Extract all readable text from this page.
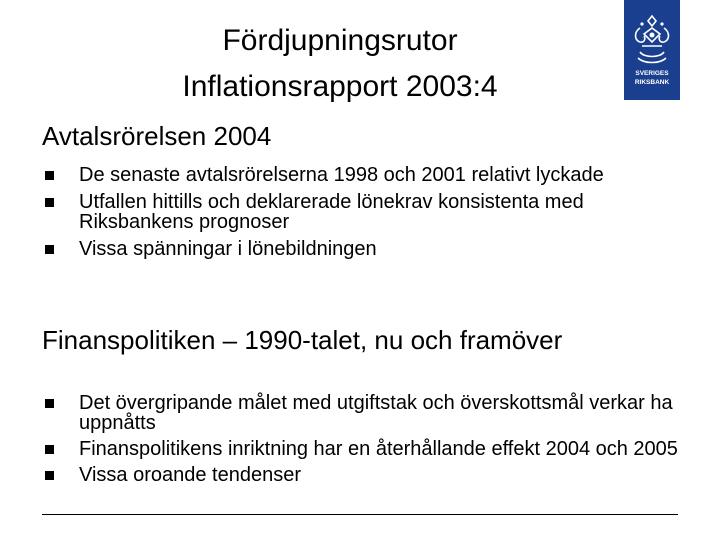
Fördjupningsrutor
Inflationsrapport 2003:4	SVERIGES
RIKSBANK
Avtalsrörelsen 2004
De senaste avtalsrörelserna 1998 och 2001 relativt lyckade
Utfallen hittills och deklarerade lönekrav konsistenta med Riksbankens prognoser
Vissa spänningar i lönebildningen
Finanspolitiken – 1990-talet, nu och framöver
Det övergripande målet med utgiftstak och överskottsmål verkar ha uppnåtts
Finanspolitikens inriktning har en återhållande effekt 2004 och 2005
Vissa oroande tendenser
